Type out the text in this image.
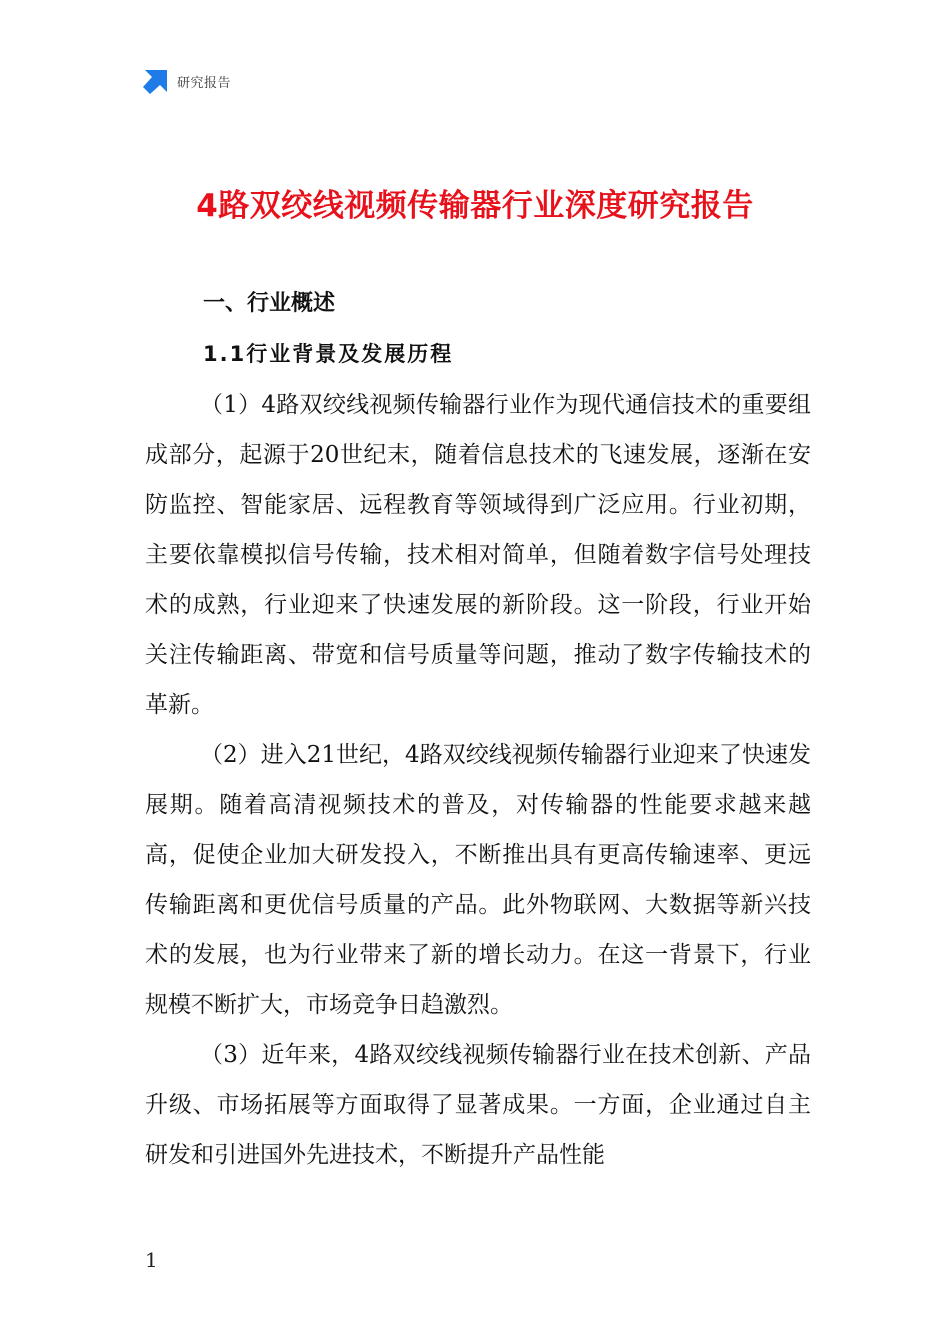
研究报告
4路双绞线视频传输器行业深度研究报告
一、行业概述
1.1行业背景及发展历程

（1）4路双绞线视频传输器行业作为现代通信技术的重要组成部分，起源于20世纪末，随着信息技术的飞速发展，逐渐在安防监控、智能家居、远程教育等领域得到广泛应用。行业初期，主要依靠模拟信号传输，技术相对简单，但随着数字信号处理技术的成熟，行业迎来了快速发展的新阶段。这一阶段，行业开始关注传输距离、带宽和信号质量等问题，推动了数字传输技术的革新。

（2）进入21世纪，4路双绞线视频传输器行业迎来了快速发展期。随着高清视频技术的普及，对传输器的性能要求越来越高，促使企业加大研发投入，不断推出具有更高传输速率、更远传输距离和更优信号质量的产品。此外物联网、大数据等新兴技术的发展，也为行业带来了新的增长动力。在这一背景下，行业规模不断扩大，市场竞争日趋激烈。

（3）近年来，4路双绞线视频传输器行业在技术创新、产品升级、市场拓展等方面取得了显著成果。一方面，企业通过自主研发和引进国外先进技术，不断提升产品性能

1
